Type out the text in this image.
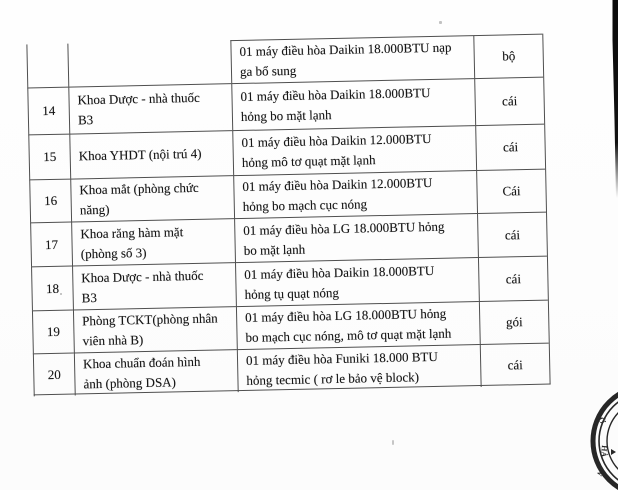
01 máy điều hòa Daikin 18.000BTU nạp
ga bổ sung
bộ
14
Khoa Dược - nhà thuốc
B3
01 máy điều hòa Daikin 18.000BTU
hỏng bo mặt lạnh
cái
15 Khoa YHDT (nội trú 4)
01 máy điều hòa Daikin 12.000BTU
hỏng mô tơ quạt mặt lạnh
cái
16
Khoa mắt (phòng chức
năng)
01 máy điều hòa Daikin 12.000BTU
hỏng bo mạch cục nóng
Cái
17
Khoa răng hàm mặt
(phòng số 3)
01 máy điều hòa LG 18.000BTU hỏng
bo mặt lạnh
cái
18
Khoa Dược - nhà thuốc
B3
01 máy điều hòa Daikin 18.000BTU
hỏng tụ quạt nóng
cái
19
Phòng TCKT(phòng nhân
viên nhà B)
01 máy điều hòa LG 18.000BTU hỏng
bo mạch cục nóng, mô tơ quạt mặt lạnh
gói
20
Khoa chuẩn đoán hình
ảnh (phòng DSA)
01 máy điều hòa Funiki 18.000 BTU
hỏng tecmic ( rơ le bảo vệ block)
cái
Ở
HÀ
N
